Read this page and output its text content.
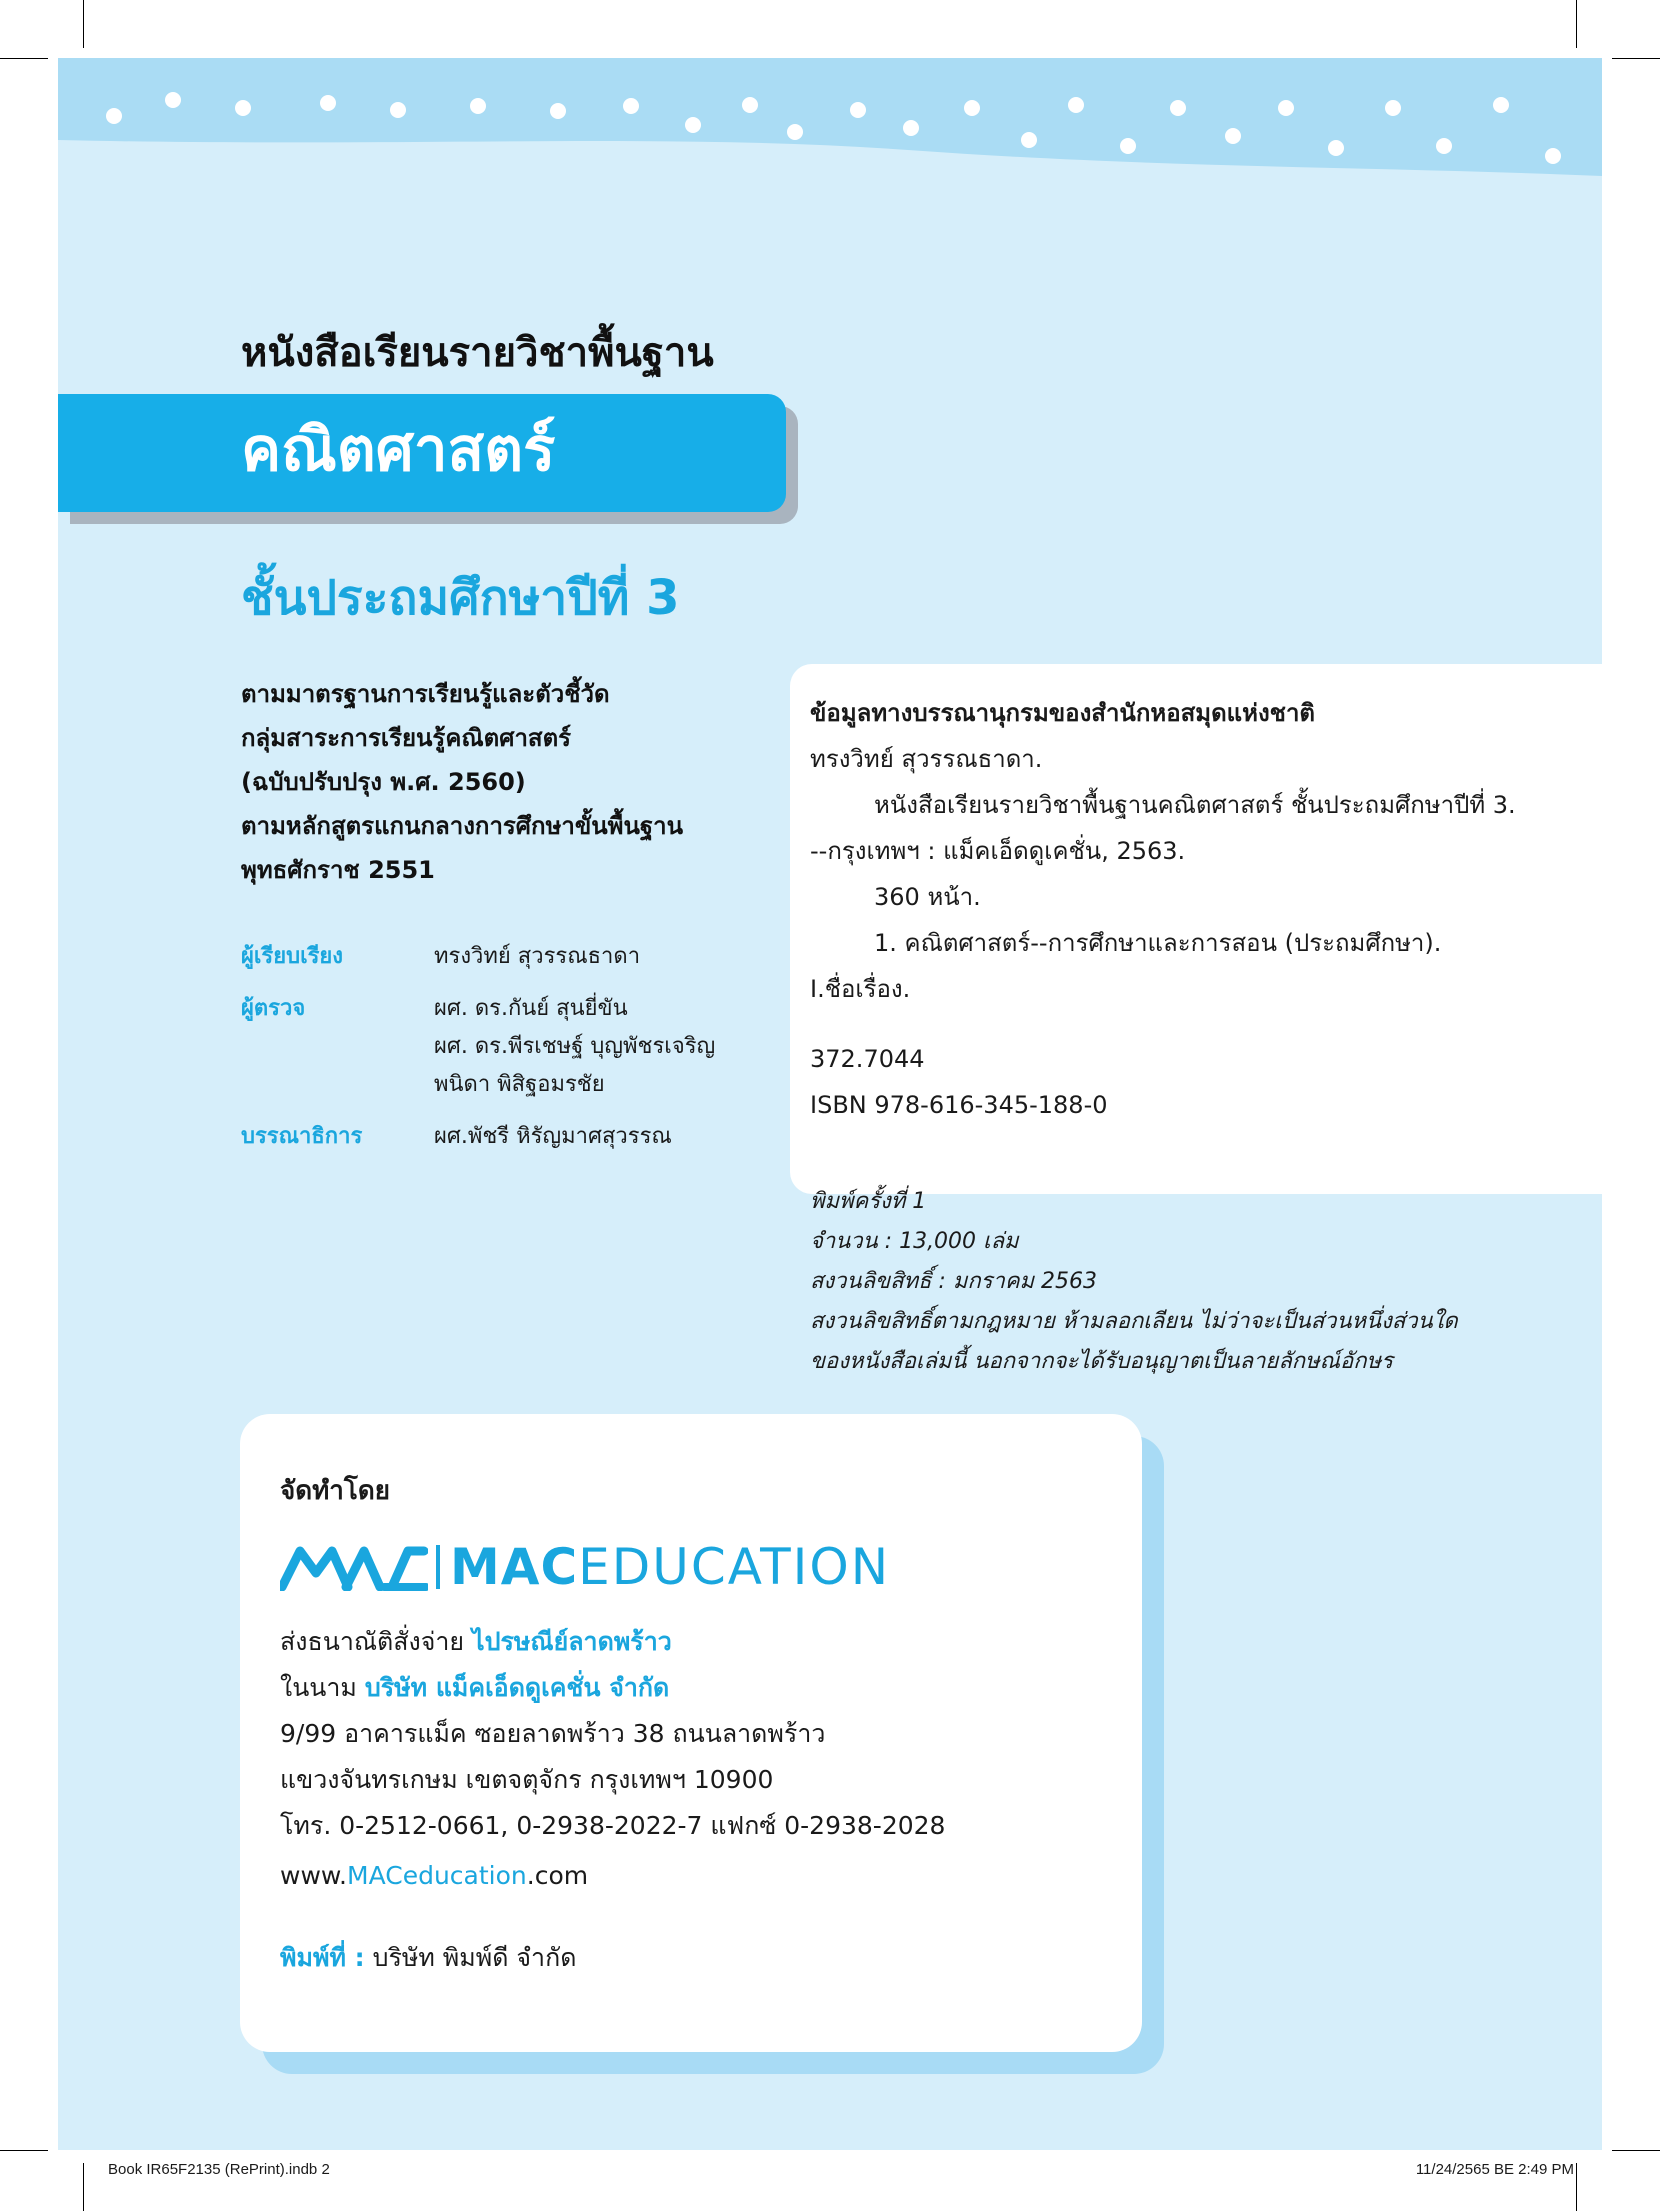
หนังสือเรียนรายวิชาพื้นฐาน
คณิตศาสตร์
ชั้นประถมศึกษาปีที่ 3
ตามมาตรฐานการเรียนรู้และตัวชี้วัด
กลุ่มสาระการเรียนรู้คณิตศาสตร์
(ฉบับปรับปรุง พ.ศ. 2560)
ตามหลักสูตรแกนกลางการศึกษาขั้นพื้นฐาน
พุทธศักราช 2551
ผู้เรียบเรียง	ทรงวิทย์ สุวรรณธาดา
ผู้ตรวจ	ผศ. ดร.กันย์ สุนยี่ขัน
ผศ. ดร.พีรเชษฐ์ บุญพัชรเจริญ
พนิดา พิสิฐอมรชัย
บรรณาธิการ	ผศ.พัชรี หิรัญมาศสุวรรณ
ข้อมูลทางบรรณานุกรมของสำนักหอสมุดแห่งชาติ
ทรงวิทย์ สุวรรณธาดา.
หนังสือเรียนรายวิชาพื้นฐานคณิตศาสตร์ ชั้นประถมศึกษาปีที่ 3.
--กรุงเทพฯ : แม็คเอ็ดดูเคชั่น, 2563.
360 หน้า.
1. คณิตศาสตร์--การศึกษาและการสอน (ประถมศึกษา).
I.ชื่อเรื่อง.
372.7044
ISBN 978-616-345-188-0
พิมพ์ครั้งที่ 1
จำนวน : 13,000 เล่ม
สงวนลิขสิทธิ์ : มกราคม 2563
สงวนลิขสิทธิ์ตามกฎหมาย ห้ามลอกเลียน ไม่ว่าจะเป็นส่วนหนึ่งส่วนใด
ของหนังสือเล่มนี้ นอกจากจะได้รับอนุญาตเป็นลายลักษณ์อักษร
จัดทำโดย
MAC EDUCATION
ส่งธนาณัติสั่งจ่าย ไปรษณีย์ลาดพร้าว
ในนาม บริษัท แม็คเอ็ดดูเคชั่น จำกัด
9/99 อาคารแม็ค ซอยลาดพร้าว 38 ถนนลาดพร้าว
แขวงจันทรเกษม เขตจตุจักร กรุงเทพฯ 10900
โทร. 0-2512-0661, 0-2938-2022-7 แฟกซ์ 0-2938-2028
www.MACeducation.com
พิมพ์ที่ : บริษัท พิมพ์ดี จำกัด
Book IR65F2135 (RePrint).indb 2	11/24/2565 BE 2:49 PM
